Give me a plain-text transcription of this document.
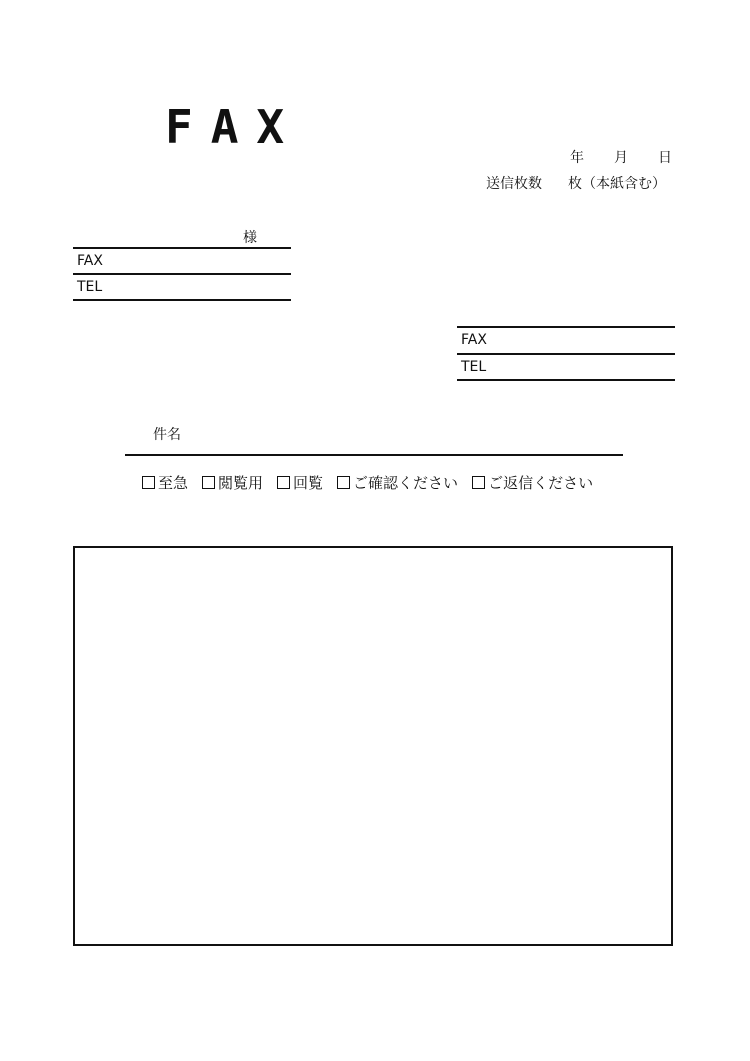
FAX
年 月 日
送信枚数 枚（本紙含む）
様
FAX
TEL
FAX
TEL
件名
至急 閲覧用 回覧 ご確認ください ご返信ください
